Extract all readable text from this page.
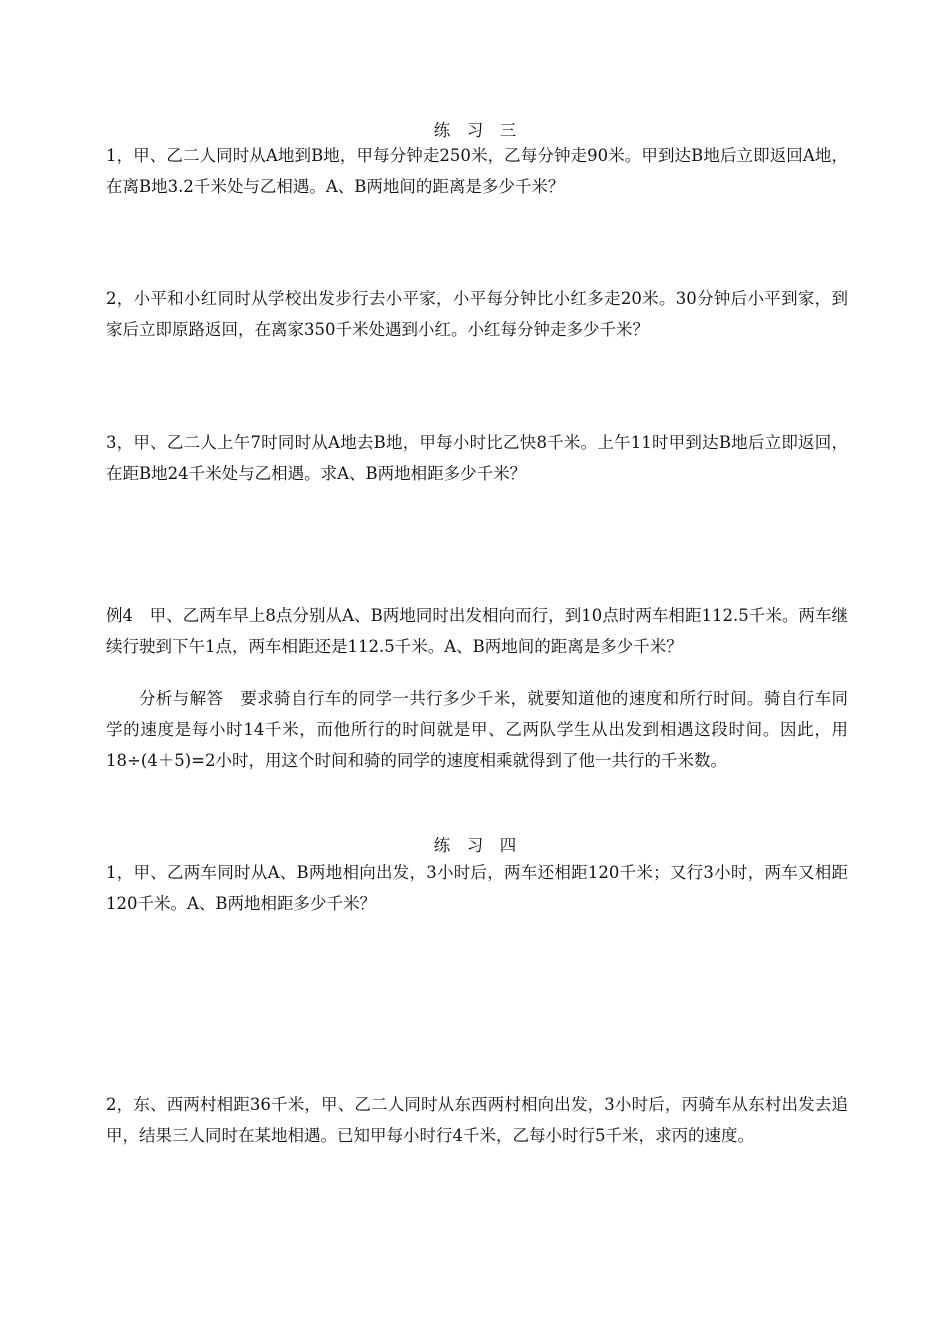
练　习　三
1，甲、乙二人同时从A地到B地，甲每分钟走250米，乙每分钟走90米。甲到达B地后立即返回A地，在离B地3.2千米处与乙相遇。A、B两地间的距离是多少千米？
2，小平和小红同时从学校出发步行去小平家，小平每分钟比小红多走20米。30分钟后小平到家，到家后立即原路返回，在离家350千米处遇到小红。小红每分钟走多少千米？
3，甲、乙二人上午7时同时从A地去B地，甲每小时比乙快8千米。上午11时甲到达B地后立即返回，在距B地24千米处与乙相遇。求A、B两地相距多少千米？
例4　甲、乙两车早上8点分别从A、B两地同时出发相向而行，到10点时两车相距112.5千米。两车继续行驶到下午1点，两车相距还是112.5千米。A、B两地间的距离是多少千米？
分析与解答　要求骑自行车的同学一共行多少千米，就要知道他的速度和所行时间。骑自行车同学的速度是每小时14千米，而他所行的时间就是甲、乙两队学生从出发到相遇这段时间。因此，用18÷(4＋5)=2小时，用这个时间和骑的同学的速度相乘就得到了他一共行的千米数。
练　习　四
1，甲、乙两车同时从A、B两地相向出发，3小时后，两车还相距120千米；又行3小时，两车又相距120千米。A、B两地相距多少千米？
2，东、西两村相距36千米，甲、乙二人同时从东西两村相向出发，3小时后，丙骑车从东村出发去追甲，结果三人同时在某地相遇。已知甲每小时行4千米，乙每小时行5千米，求丙的速度。
